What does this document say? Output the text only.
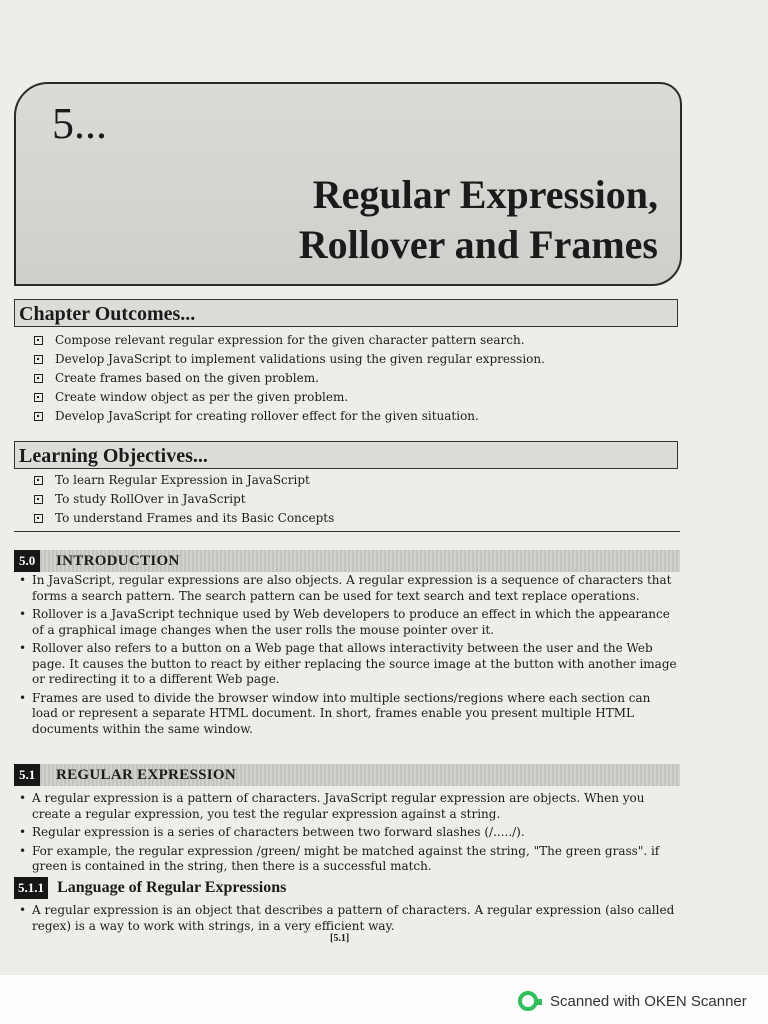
5...
Regular Expression,
Rollover and Frames
Chapter Outcomes...
Compose relevant regular expression for the given character pattern search.
Develop JavaScript to implement validations using the given regular expression.
Create frames based on the given problem.
Create window object as per the given problem.
Develop JavaScript for creating rollover effect for the given situation.
Learning Objectives...
To learn Regular Expression in JavaScript
To study RollOver in JavaScript
To understand Frames and its Basic Concepts
5.0	INTRODUCTION
• In JavaScript, regular expressions are also objects. A regular expression is a sequence of characters that forms a search pattern. The search pattern can be used for text search and text replace operations.
• Rollover is a JavaScript technique used by Web developers to produce an effect in which the appearance of a graphical image changes when the user rolls the mouse pointer over it.
• Rollover also refers to a button on a Web page that allows interactivity between the user and the Web page. It causes the button to react by either replacing the source image at the button with another image or redirecting it to a different Web page.
• Frames are used to divide the browser window into multiple sections/regions where each section can load or represent a separate HTML document. In short, frames enable you present multiple HTML documents within the same window.
5.1	REGULAR EXPRESSION
• A regular expression is a pattern of characters. JavaScript regular expression are objects. When you create a regular expression, you test the regular expression against a string.
• Regular expression is a series of characters between two forward slashes (/...../).
• For example, the regular expression /green/ might be matched against the string, "The green grass". if green is contained in the string, then there is a successful match.
5.1.1 Language of Regular Expressions
• A regular expression is an object that describes a pattern of characters. A regular expression (also called regex) is a way to work with strings, in a very efficient way.
[5.1]
Scanned with OKEN Scanner
